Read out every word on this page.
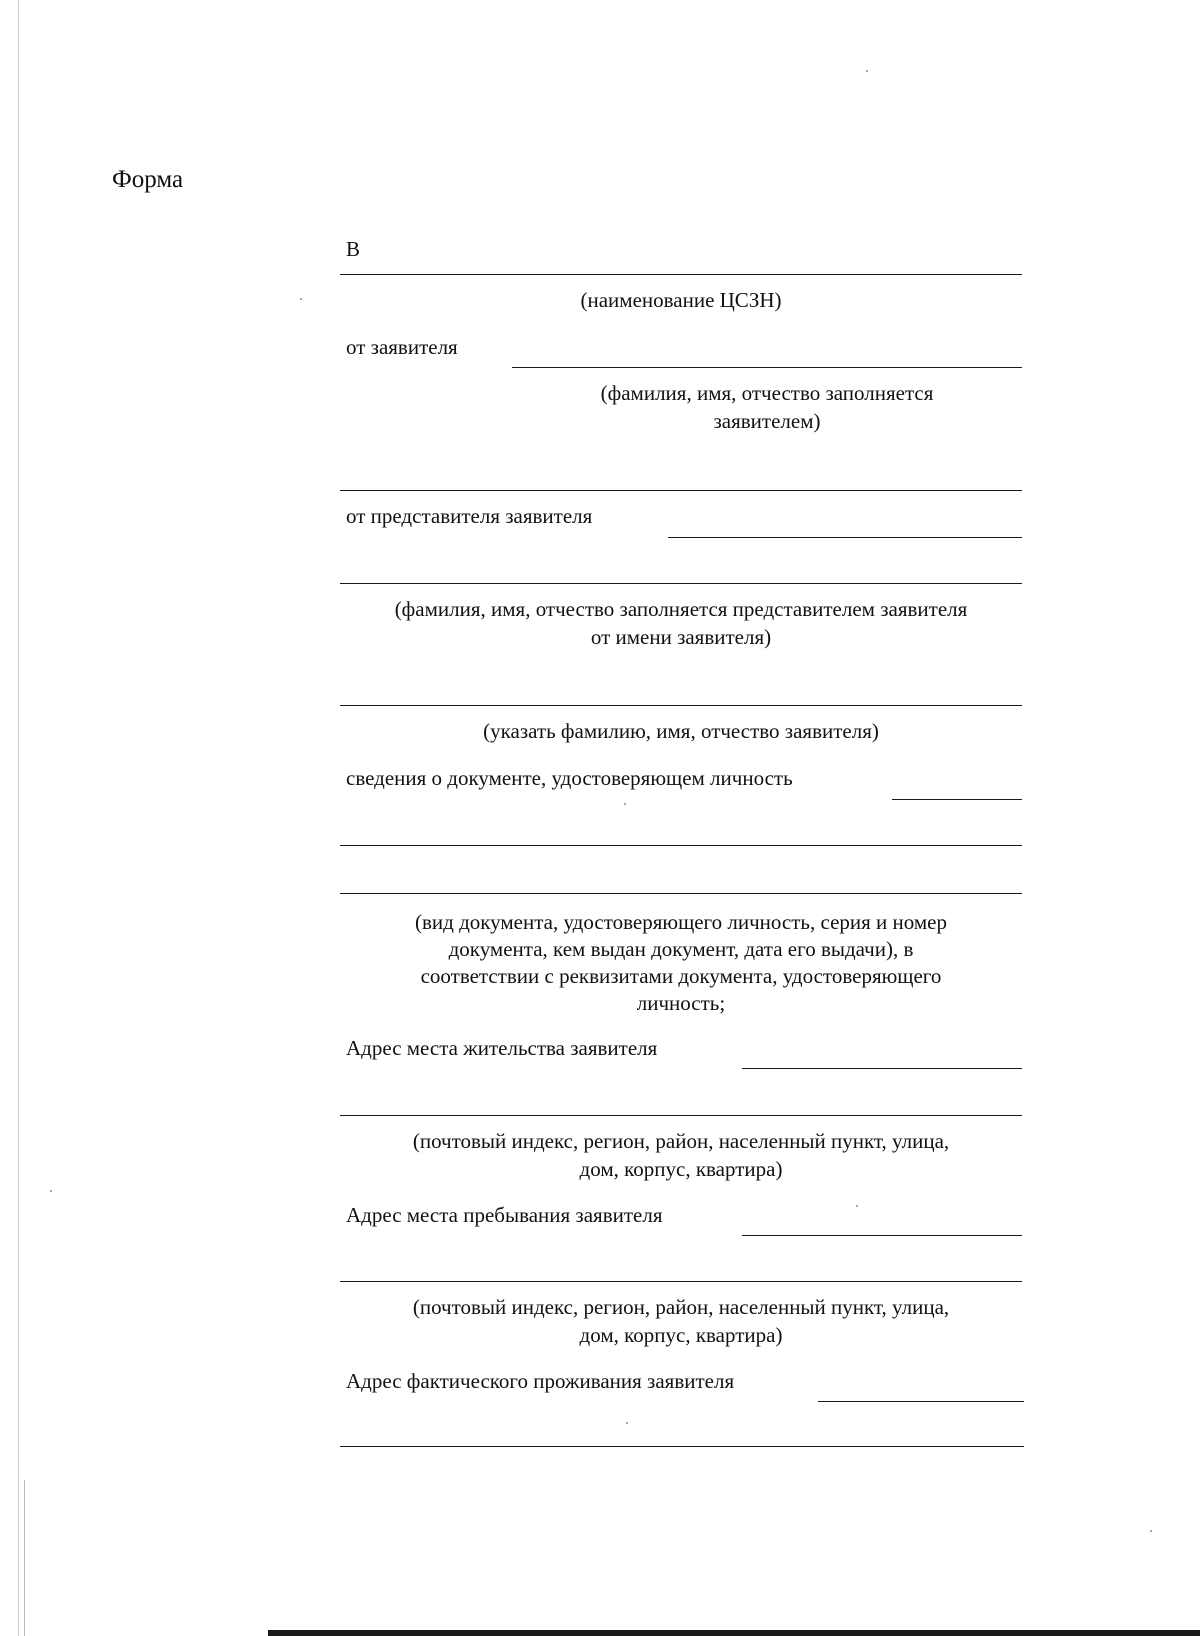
Форма
В
(наименование ЦСЗН)
от заявителя
(фамилия, имя, отчество заполняется
заявителем)
от представителя заявителя
(фамилия, имя, отчество заполняется представителем заявителя
от имени заявителя)
(указать фамилию, имя, отчество заявителя)
сведения о документе, удостоверяющем личность
(вид документа, удостоверяющего личность, серия и номер
документа, кем выдан документ, дата его выдачи), в
соответствии с реквизитами документа, удостоверяющего
личность;
Адрес места жительства заявителя
(почтовый индекс, регион, район, населенный пункт, улица,
дом, корпус, квартира)
Адрес места пребывания заявителя
(почтовый индекс, регион, район, населенный пункт, улица,
дом, корпус, квартира)
Адрес фактического проживания заявителя
